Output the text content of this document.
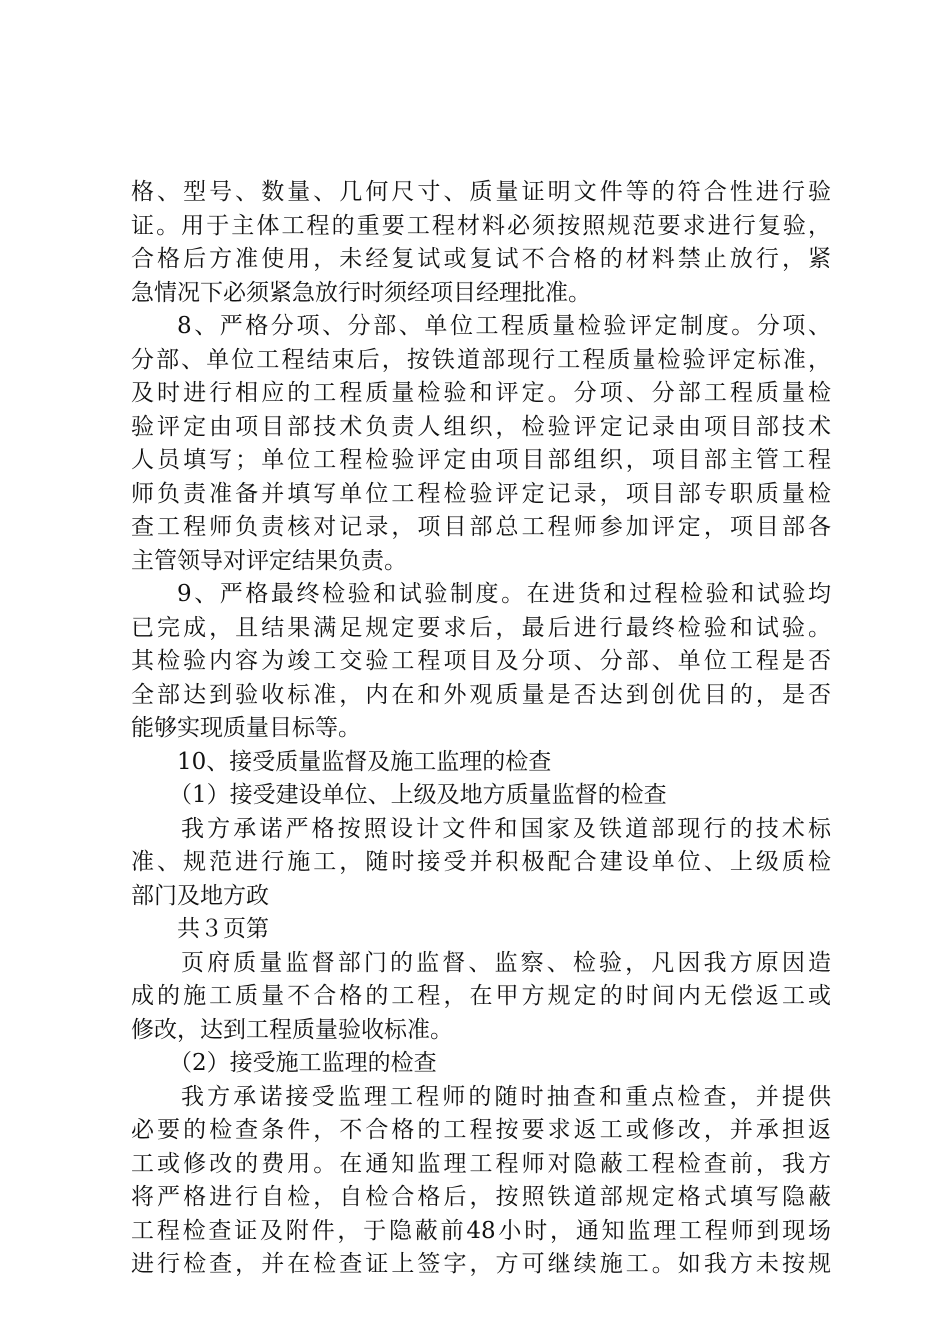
格、型号、数量、几何尺寸、质量证明文件等的符合性进行验
证。用于主体工程的重要工程材料必须按照规范要求进行复验，
合格后方准使用，未经复试或复试不合格的材料禁止放行，紧
急情况下必须紧急放行时须经项目经理批准。
8、严格分项、分部、单位工程质量检验评定制度。分项、
分部、单位工程结束后，按铁道部现行工程质量检验评定标准，
及时进行相应的工程质量检验和评定。分项、分部工程质量检
验评定由项目部技术负责人组织，检验评定记录由项目部技术
人员填写；单位工程检验评定由项目部组织，项目部主管工程
师负责准备并填写单位工程检验评定记录，项目部专职质量检
查工程师负责核对记录，项目部总工程师参加评定，项目部各
主管领导对评定结果负责。
9、严格最终检验和试验制度。在进货和过程检验和试验均
已完成，且结果满足规定要求后，最后进行最终检验和试验。
其检验内容为竣工交验工程项目及分项、分部、单位工程是否
全部达到验收标准，内在和外观质量是否达到创优目的，是否
能够实现质量目标等。
10、接受质量监督及施工监理的检查
（1）接受建设单位、上级及地方质量监督的检查
我方承诺严格按照设计文件和国家及铁道部现行的技术标
准、规范进行施工，随时接受并积极配合建设单位、上级质检
部门及地方政
共３页第
页府质量监督部门的监督、监察、检验，凡因我方原因造
成的施工质量不合格的工程，在甲方规定的时间内无偿返工或
修改，达到工程质量验收标准。
（2）接受施工监理的检查
我方承诺接受监理工程师的随时抽查和重点检查，并提供
必要的检查条件，不合格的工程按要求返工或修改，并承担返
工或修改的费用。在通知监理工程师对隐蔽工程检查前，我方
将严格进行自检，自检合格后，按照铁道部规定格式填写隐蔽
工程检查证及附件，于隐蔽前48小时，通知监理工程师到现场
进行检查，并在检查证上签字，方可继续施工。如我方未按规
